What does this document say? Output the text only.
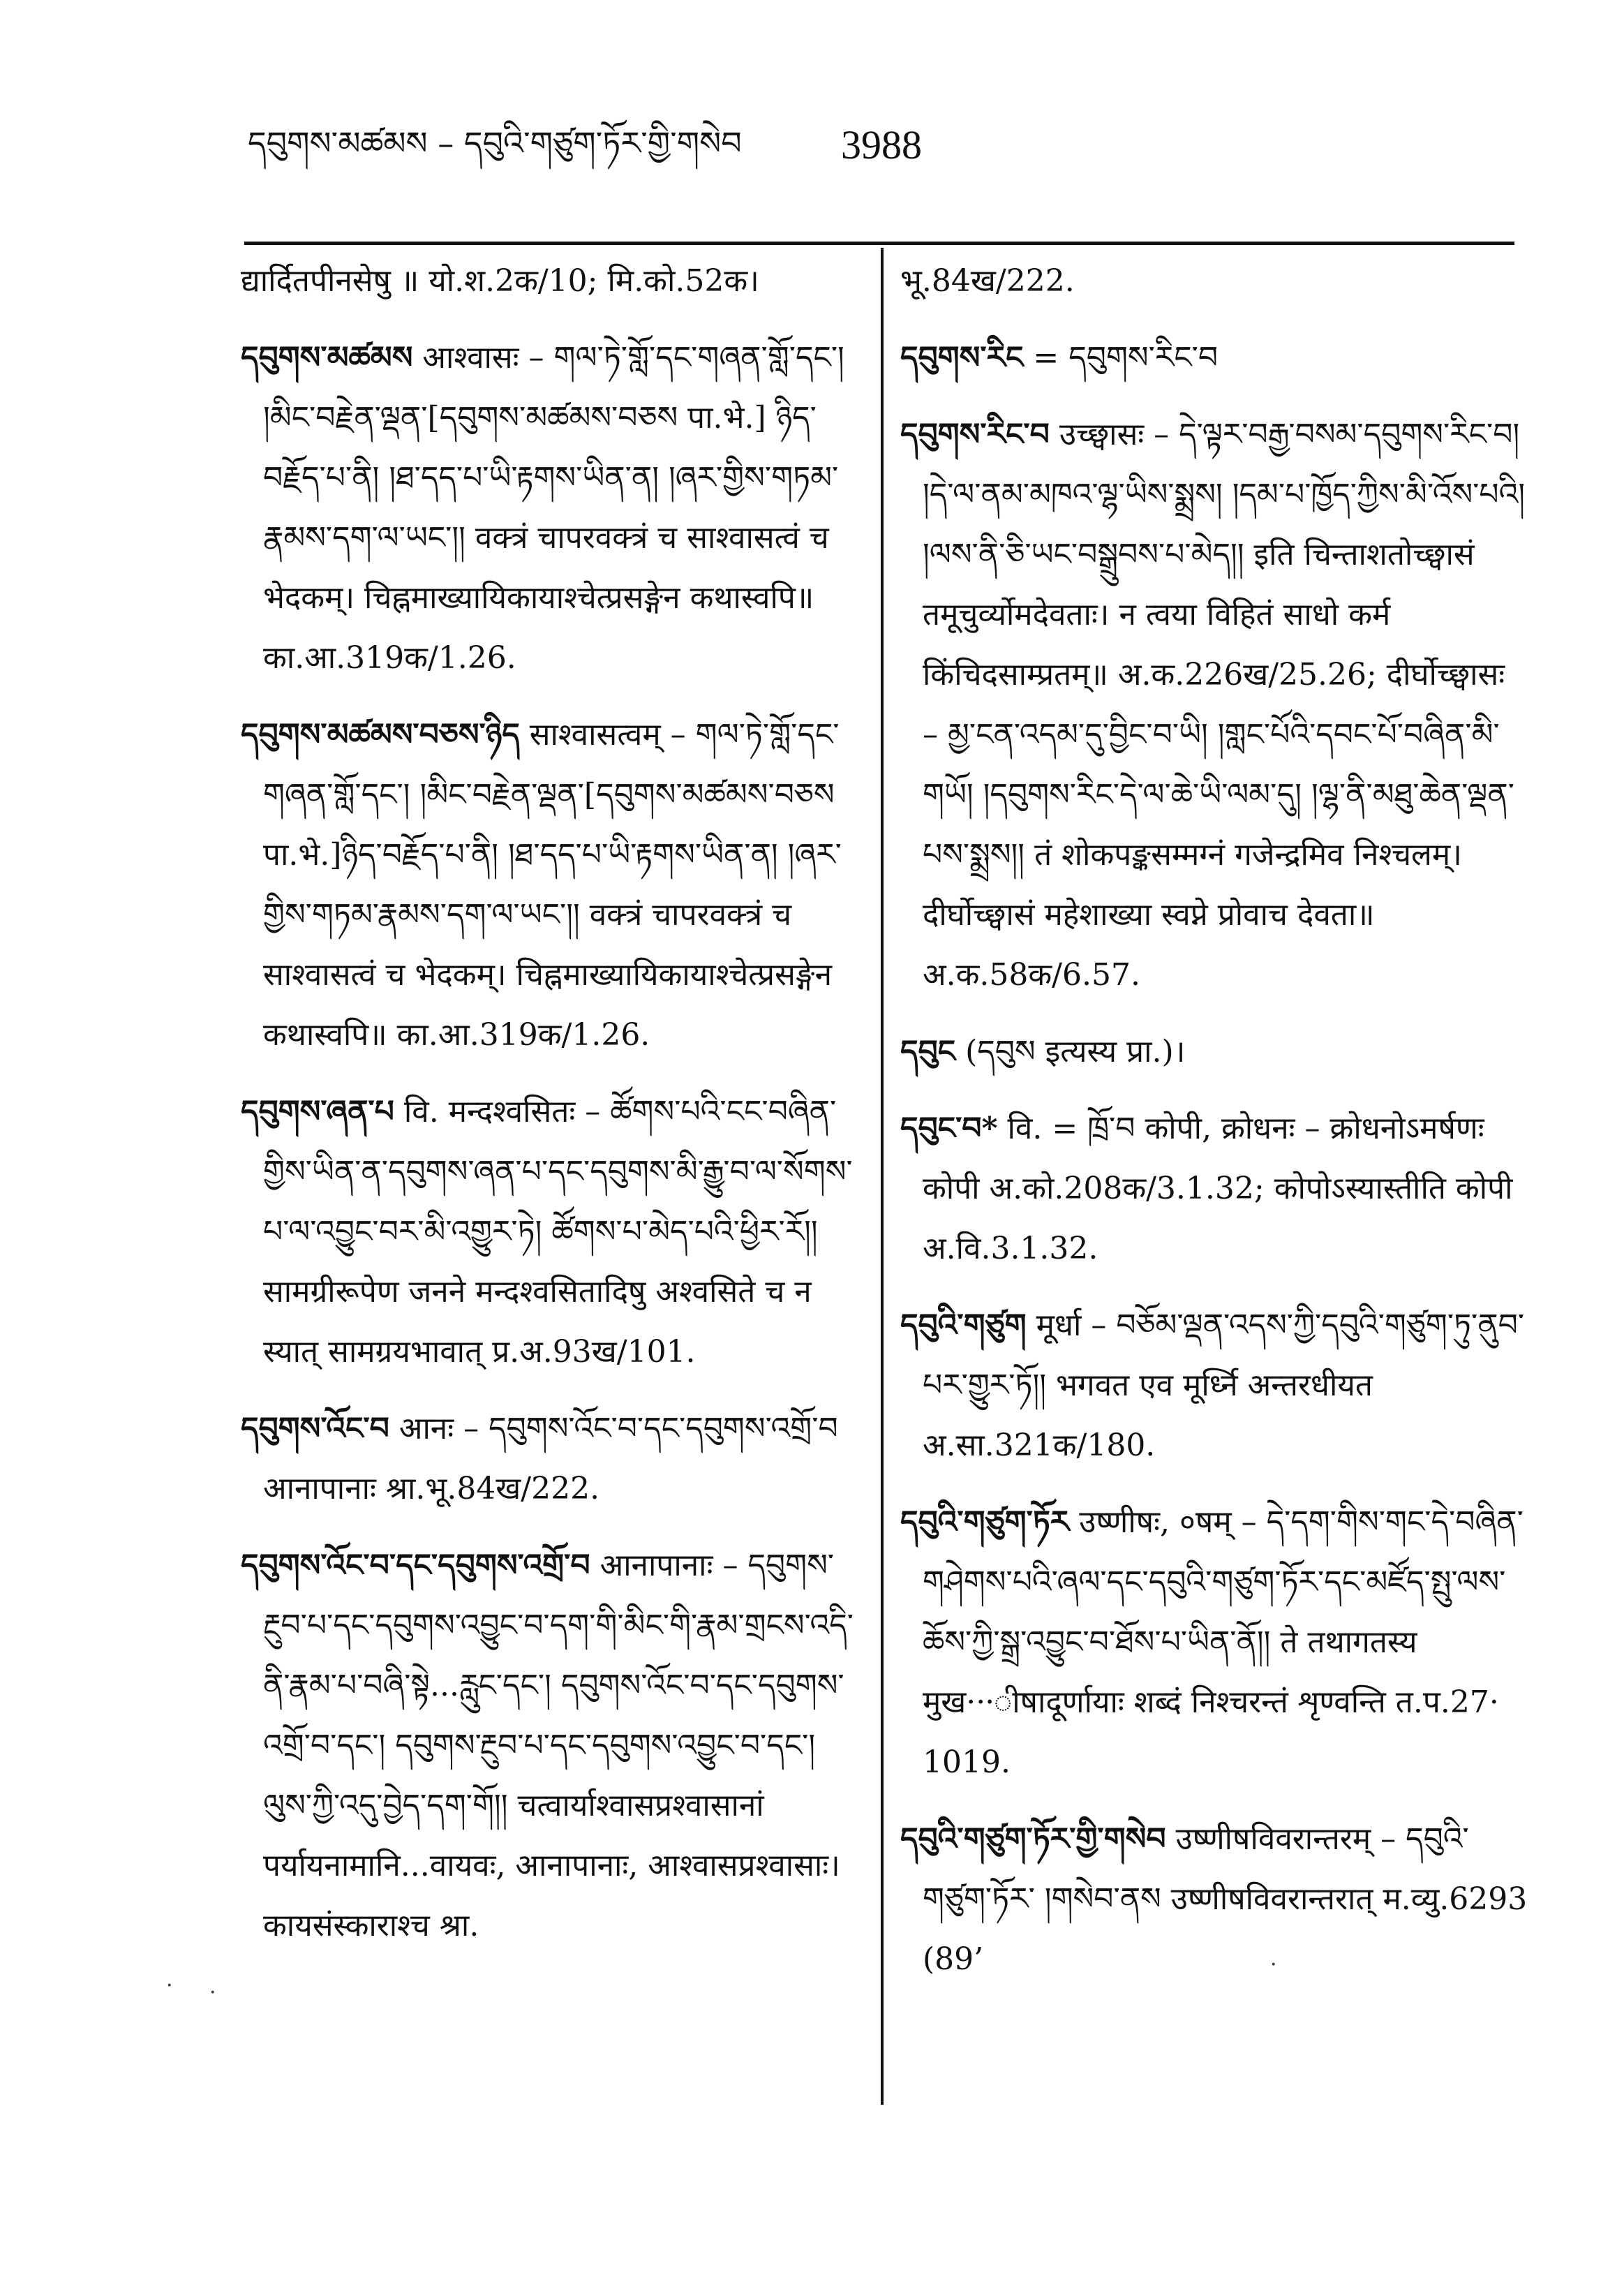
དབུགས་མཚམས – དབུའི་གཙུག་ཏོར་གྱི་གསེབ 3988

द्यार्दितपीनसेषु ॥ यो.श.2क/10; मि.को.52क।

དབུགས་མཚམས आश्वासः – གལ་ཏེ་གློ་དང་གཞན་གློ་དང་། །མིང་བརྗེན་ལྡན་[དབུགས་མཚམས་བཅས पा.भे.] ཉིད་བརྗོད་པ་ནི། །ཐ་དད་པ་ཡི་རྟགས་ཡིན་ན། །ཞར་གྱིས་གཏམ་རྣམས་དག་ལ་ཡང་།། वक्त्रं चापरवक्त्रं च साश्वासत्वं च भेदकम्। चिह्नमाख्यायिकायाश्चेत्प्रसङ्गेन कथास्वपि॥ का.आ.319क/1.26.

དབུགས་མཚམས་བཅས་ཉིད साश्वासत्वम् – གལ་ཏེ་གློ་དང་གཞན་གློ་དང་། །མིང་བརྗེན་ལྡན་[དབུགས་མཚམས་བཅས पा.भे.]ཉིད་བརྗོད་པ་ནི། །ཐ་དད་པ་ཡི་རྟགས་ཡིན་ན། །ཞར་གྱིས་གཏམ་རྣམས་དག་ལ་ཡང་།། वक्त्रं चापरवक्त्रं च साश्वासत्वं च भेदकम्। चिह्नमाख्यायिकायाश्चेत्प्रसङ्गेन कथास्वपि॥ का.आ.319क/1.26.

དབུགས་ཞན་པ वि. मन्दश्वसितः – ཚོགས་པའི་ངང་བཞིན་གྱིས་ཡིན་ན་དབུགས་ཞན་པ་དང་དབུགས་མི་རྒྱུ་བ་ལ་སོགས་པ་ལ་འབྱུང་བར་མི་འགྱུར་ཏེ། ཚོགས་པ་མེད་པའི་ཕྱིར་རོ།། सामग्रीरूपेण जनने मन्दश्वसितादिषु अश्वसिते च न स्यात् सामग्रयभावात् प्र.अ.93ख/101.

དབུགས་འོང་བ आनः – དབུགས་འོང་བ་དང་དབུགས་འགྲོ་བ आनापानाः श्रा.भू.84ख/222.

དབུགས་འོང་བ་དང་དབུགས་འགྲོ་བ आनापानाः – དབུགས་རྔུབ་པ་དང་དབུགས་འབྱུང་བ་དག་གི་མིང་གི་རྣམ་གྲངས་འདི་ནི་རྣམ་པ་བཞི་སྟེ...རླུང་དང་། དབུགས་འོང་བ་དང་དབུགས་འགྲོ་བ་དང་། དབུགས་རྔུབ་པ་དང་དབུགས་འབྱུང་བ་དང་། ལུས་ཀྱི་འདུ་བྱེད་དག་གོ།། चत्वार्याश्वासप्रश्वासानां पर्यायनामानि...वायवः, आनापानाः, आश्वासप्रश्वासाः। कायसंस्काराश्च श्रा.

भू.84ख/222.

དབུགས་རིང = དབུགས་རིང་བ

དབུགས་རིང་བ उच्छ्वासः – དེ་ལྟར་བརྒྱ་བསམ་དབུགས་རིང་བ། །དེ་ལ་ནམ་མཁའ་ལྷ་ཡིས་སྨྲས། །དམ་པ་ཁྱོད་ཀྱིས་མི་འོས་པའི། །ལས་ནི་ཅི་ཡང་བསྒྲུབས་པ་མེད།། इति चिन्ताशतोच्छ्वासं तमूचुर्व्योमदेवताः। न त्वया विहितं साधो कर्म किंचिदसाम्प्रतम्॥ अ.क.226ख/25.26; दीर्घोच्छ्वासः – མྱ་ངན་འདམ་དུ་བྱིང་བ་ཡི། །གླང་པོའི་དབང་པོ་བཞིན་མི་གཡོ། །དབུགས་རིང་དེ་ལ་ཆེ་ཡི་ལམ་དུ། །ལྷ་ནི་མཐུ་ཆེན་ལྡན་པས་སྨྲས།། तं शोकपङ्कसम्मग्नं गजेन्द्रमिव निश्चलम्। दीर्घोच्छ्वासं महेशाख्या स्वप्ने प्रोवाच देवता॥ अ.क.58क/6.57.

དབུང (དབུས इत्यस्य प्रा.)।

དབུང་བ* वि. = ཁྲོ་བ कोपी, क्रोधनः – क्रोधनोऽमर्षणः कोपी अ.को.208क/3.1.32; कोपोऽस्यास्तीति कोपी अ.वि.3.1.32.

དབུའི་གཙུག मूर्धा – བཅོམ་ལྡན་འདས་ཀྱི་དབུའི་གཙུག་ཏུ་ནུབ་པར་གྱུར་ཏོ།། भगवत एव मूर्ध्नि अन्तरधीयत अ.सा.321क/180.

དབུའི་གཙུག་ཏོར उष्णीषः, ०षम् – དེ་དག་གིས་གང་དེ་བཞིན་གཤེགས་པའི་ཞལ་དང་དབུའི་གཙུག་ཏོར་དང་མཛོད་སྤུ་ལས་ཆོས་ཀྱི་སྒྲ་འབྱུང་བ་ཐོས་པ་ཡིན་ནོ།། ते तथागतस्य मुख···ीषादूर्णायाः शब्दं निश्चरन्तं शृण्वन्ति त.प.27· 1019.

དབུའི་གཙུག་ཏོར་གྱི་གསེབ उष्णीषविवरान्तरम् – དབུའི་གཙུག་ཏོར་ །གསེབ་ནས उष्णीषविवरान्तरात् म.व्यु.6293 (89’

· ·
·
